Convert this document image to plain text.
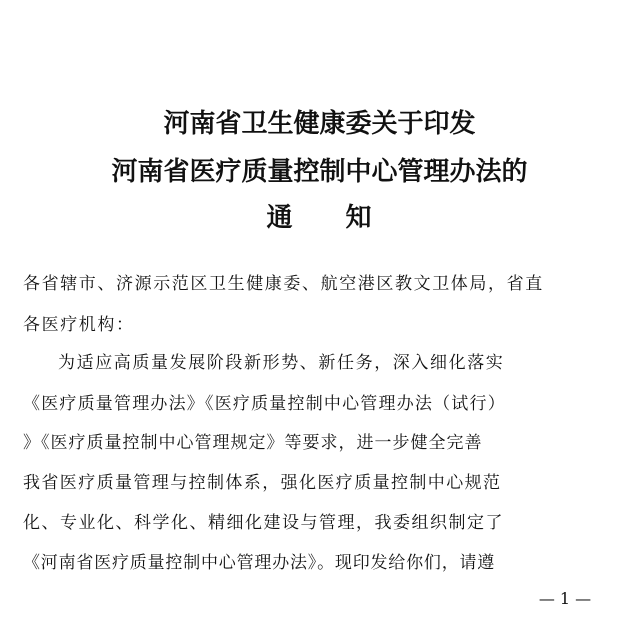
河南省卫生健康委关于印发
河南省医疗质量控制中心管理办法的
通 知
各省辖市、济源示范区卫生健康委、航空港区教文卫体局，省直
各医疗机构：
为适应高质量发展阶段新形势、新任务，深入细化落实
《医疗质量管理办法》《医疗质量控制中心管理办法（试行）
》《医疗质量控制中心管理规定》等要求，进一步健全完善
我省医疗质量管理与控制体系，强化医疗质量控制中心规范
化、专业化、科学化、精细化建设与管理，我委组织制定了
《河南省医疗质量控制中心管理办法》。现印发给你们，请遵
— 1 —
